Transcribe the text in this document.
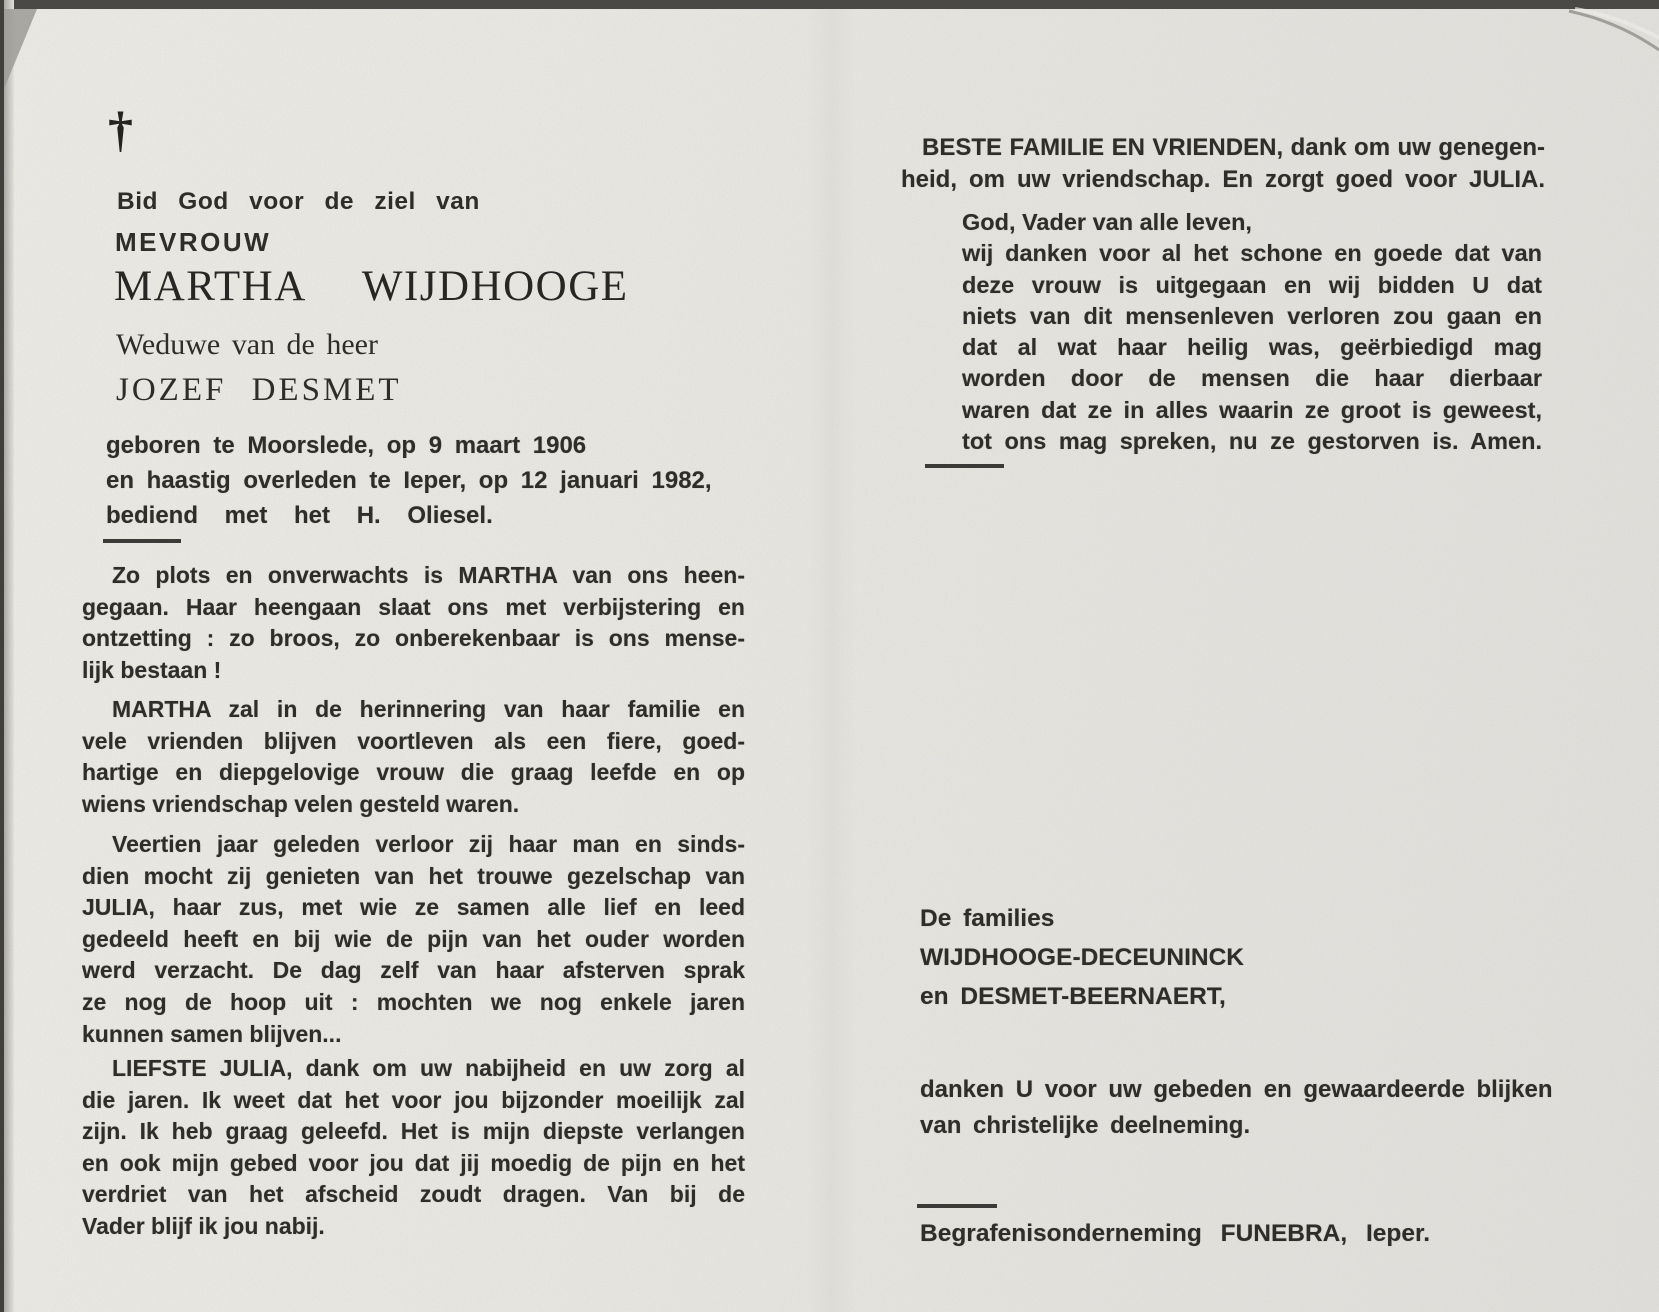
†
Bid God voor de ziel van
MEVROUW
MARTHA WIJDHOOGE
Weduwe van de heer
JOZEF DESMET
geboren te Moorslede, op 9 maart 1906
en haastig overleden te Ieper, op 12 januari 1982,
bediend met het H. Oliesel.
Zo plots en onverwachts is MARTHA van ons heen-
gegaan. Haar heengaan slaat ons met verbijstering en
ontzetting : zo broos, zo onberekenbaar is ons mense-
lijk bestaan !
MARTHA zal in de herinnering van haar familie en
vele vrienden blijven voortleven als een fiere, goed-
hartige en diepgelovige vrouw die graag leefde en op
wiens vriendschap velen gesteld waren.
Veertien jaar geleden verloor zij haar man en sinds-
dien mocht zij genieten van het trouwe gezelschap van
JULIA, haar zus, met wie ze samen alle lief en leed
gedeeld heeft en bij wie de pijn van het ouder worden
werd verzacht. De dag zelf van haar afsterven sprak
ze nog de hoop uit : mochten we nog enkele jaren
kunnen samen blijven...
LIEFSTE JULIA, dank om uw nabijheid en uw zorg al
die jaren. Ik weet dat het voor jou bijzonder moeilijk zal
zijn. Ik heb graag geleefd. Het is mijn diepste verlangen
en ook mijn gebed voor jou dat jij moedig de pijn en het
verdriet van het afscheid zoudt dragen. Van bij de
Vader blijf ik jou nabij.
BESTE FAMILIE EN VRIENDEN, dank om uw genegen-
heid, om uw vriendschap. En zorgt goed voor JULIA.
God, Vader van alle leven,
wij danken voor al het schone en goede dat van
deze vrouw is uitgegaan en wij bidden U dat
niets van dit mensenleven verloren zou gaan en
dat al wat haar heilig was, geërbiedigd mag
worden door de mensen die haar dierbaar
waren dat ze in alles waarin ze groot is geweest,
tot ons mag spreken, nu ze gestorven is. Amen.
De families
WIJDHOOGE-DECEUNINCK
en DESMET-BEERNAERT,
danken U voor uw gebeden en gewaardeerde blijken
van christelijke deelneming.
Begrafenisonderneming FUNEBRA, Ieper.
